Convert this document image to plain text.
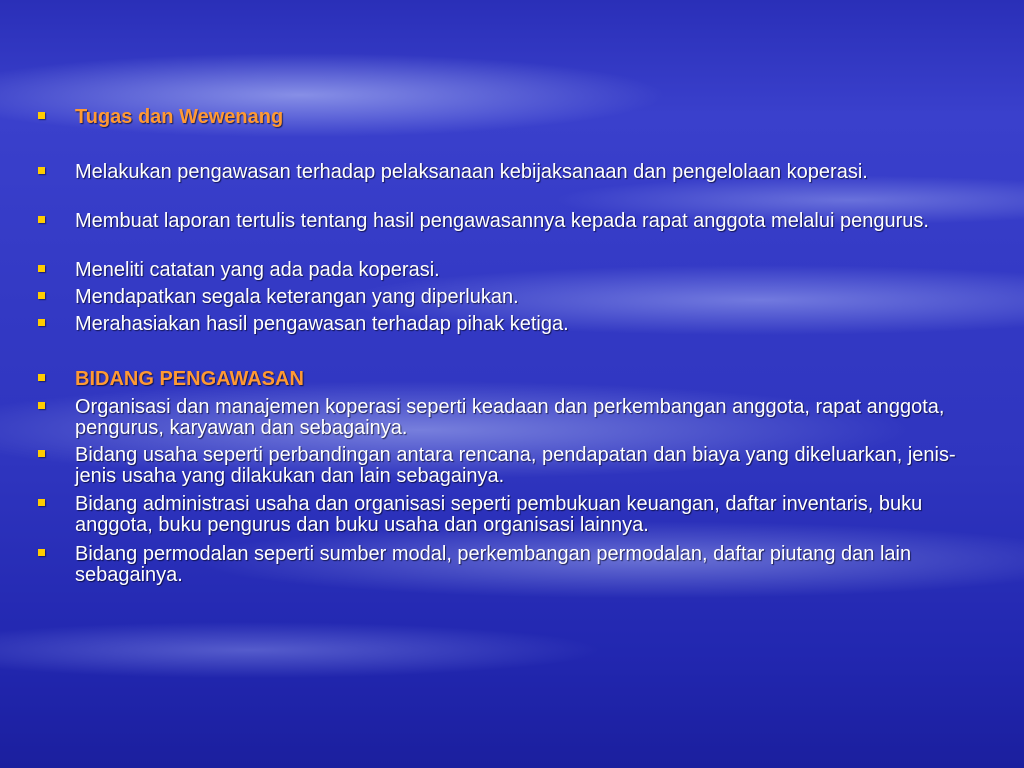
Tugas dan Wewenang
Melakukan pengawasan terhadap pelaksanaan kebijaksanaan dan pengelolaan koperasi.
Membuat laporan tertulis tentang hasil pengawasannya kepada rapat anggota melalui pengurus.
Meneliti catatan yang ada pada koperasi.
Mendapatkan segala keterangan yang diperlukan.
Merahasiakan hasil pengawasan terhadap pihak ketiga.
BIDANG PENGAWASAN
Organisasi dan manajemen koperasi seperti keadaan dan perkembangan anggota, rapat anggota, pengurus, karyawan dan sebagainya.
Bidang usaha seperti perbandingan antara rencana, pendapatan dan biaya yang dikeluarkan, jenis-jenis usaha yang dilakukan dan lain sebagainya.
Bidang administrasi usaha dan organisasi seperti pembukuan keuangan, daftar inventaris, buku anggota, buku pengurus dan buku usaha dan organisasi lainnya.
Bidang permodalan seperti sumber modal, perkembangan permodalan, daftar piutang dan lain sebagainya.
